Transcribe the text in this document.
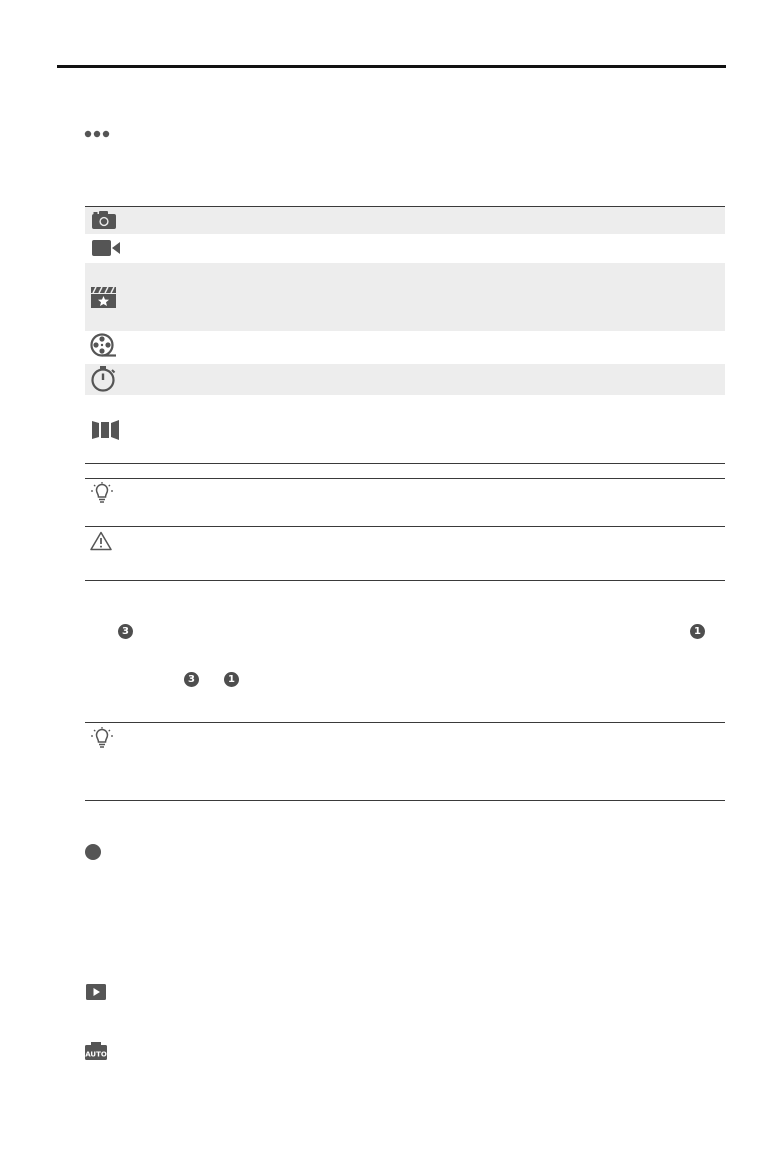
3	1
3	1
AUTO
